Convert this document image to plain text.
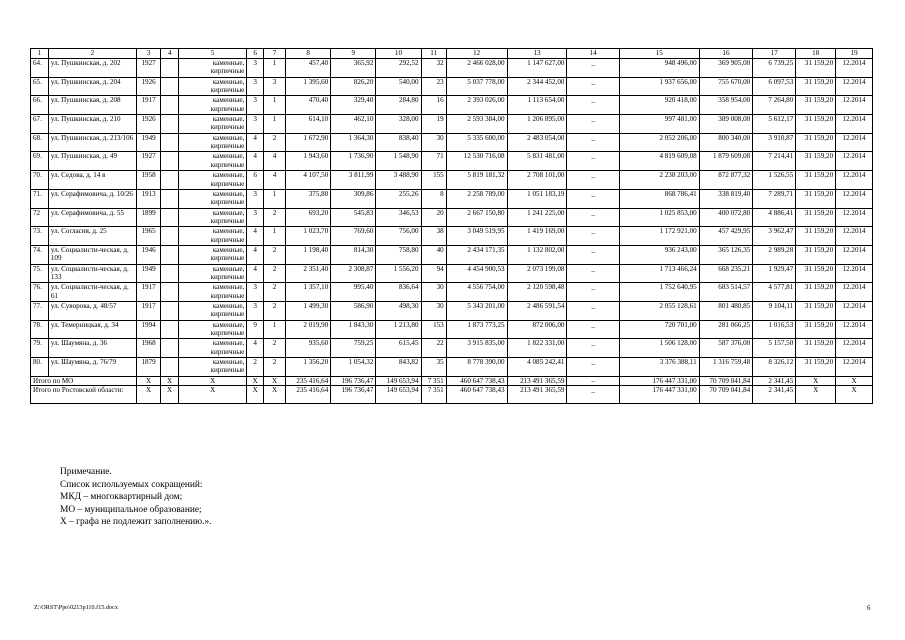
1	2	3	4	5	6	7	8	9	10	11	12	13	14	15	16	17	18	19
64.	ул. Пушкинская, д. 202	1927		каменные, кирпичные	3	1	457,40	365,92	292,52	32	2 466 028,00	1 147 627,00	_	948 496,00	369 905,00	6 739,25	31 159,20	12.2014
65.	ул. Пушкинская, д. 204	1926		каменные, кирпичные	3	3	1 395,60	826,20	540,00	23	5 037 778,00	2 344 452,00	_	1 937 656,00	755 670,00	6 097,53	31 159,20	12.2014
66.	ул. Пушкинская, д. 208	1917		каменные, кирпичные	3	1	470,40	329,40	284,80	16	2 393 026,00	1 113 654,00	_	920 418,00	358 954,00	7 264,80	31 159,20	12.2014
67.	ул. Пушкинская, д. 210	1926		каменные, кирпичные	3	1	614,10	462,10	328,00	19	2 593 384,00	1 206 895,00	_	997 481,00	389 008,00	5 612,17	31 159,20	12.2014
68.	ул. Пушкинская, д. 213/106	1949		каменные, кирпичные	4	2	1 672,90	1 364,30	838,40	30	5 335 600,00	2 483 054,00	_	2 052 206,00	800 340,00	3 910,87	31 159,20	12.2014
69.	ул. Пушкинская, д. 49	1927		каменные, кирпичные	4	4	1 943,60	1 736,90	1 548,90	71	12 530 716,08	5 831 481,00	_	4 819 609,08	1 879 609,08	7 214,41	31 159,20	12.2014
70.	ул. Седова, д. 14 в	1958		каменные, кирпичные	6	4	4 107,50	3 811,99	3 488,90	155	5 819 181,32	2 708 101,00	_	2 238 203,00	872 877,32	1 526,55	31 159,20	12.2014
71.	ул. Серафимовича, д. 10/26	1913		каменные, кирпичные	3	1	375,80	309,86	255,26	8	2 258 789,00	1 051 183,19	_	868 786,41	338 819,40	7 289,71	31 159,20	12.2014
72	ул. Серафимовича, д. 55	1899		каменные, кирпичные	3	2	693,20	545,83	346,53	20	2 667 150,80	1 241 225,00	_	1 025 853,00	400 072,80	4 886,41	31 159,20	12.2014
73.	ул. Согласия, д. 25	1965		каменные, кирпичные	4	1	1 023,70	769,60	756,00	38	3 049 519,95	1 419 169,00	_	1 172 921,00	457 429,95	3 962,47	31 159,20	12.2014
74.	ул. Социалисти-ческая, д. 109	1946		каменные, кирпичные	4	2	1 198,40	814,30	758,80	40	2 434 171,35	1 132 802,00	_	936 243,00	365 126,35	2 989,28	31 159,20	12.2014
75.	ул. Социалисти-ческая, д. 133	1949		каменные, кирпичные	4	2	2 351,40	2 308,87	1 556,20	94	4 454 900,53	2 073 199,08	_	1 713 466,24	668 235,21	1 929,47	31 159,20	12.2014
76.	ул. Социалисти-ческая, д. 61	1917		каменные, кирпичные	3	2	1 357,10	995,40	836,64	30	4 556 754,00	2 120 598,48	_	1 752 640,95	683 514,57	4 577,81	31 159,20	12.2014
77.	ул. Суворова, д. 48/57	1917		каменные, кирпичные	3	2	1 499,30	586,90	498,30	30	5 343 201,00	2 486 591,54	_	2 055 128,61	801 480,85	9 104,11	31 159,20	12.2014
78.	ул. Темерницкая, д. 34	1994		каменные, кирпичные	9	1	2 019,90	1 843,30	1 213,80	153	1 873 773,25	872 006,00	_	720 701,00	281 066,25	1 016,53	31 159,20	12.2014
79.	ул. Шаумяна, д. 36	1968		каменные, кирпичные	4	2	935,60	759,25	615,45	22	3 915 835,00	1 822 331,00	_	1 506 128,00	587 376,00	5 157,50	31 159,20	12.2014
80.	ул. Шаумяна, д. 76/79	1879		каменные, кирпичные	2	2	1 356,20	1 054,32	843,82	35	8 778 390,00	4 085 242,41	_	3 376 388,11	1 316 759,48	8 326,12	31 159,20	12.2014
Итого по МО		X	X	X	X	X	235 416,64	196 736,47	149 653,94	7 351	460 647 738,43	213 491 365,59	–	176 447 331,00	70 709 041,84	2 341,45	X	X
Итого по Ростовской области:		X	X	X	X	X	235 416,64	196 736,47	149 653,94	7 351	460 647 738,43	213 491 365,59	_	176 447 331,00	70 709 041,84	2 341,45	X	X
Примечание.
Список используемых сокращений:
МКД – многоквартирный дом;
МО – муниципальное образование;
X – графа не подлежит заполнению.».
Z:\ORST\Ppo\0213p110.f15.docx	6
